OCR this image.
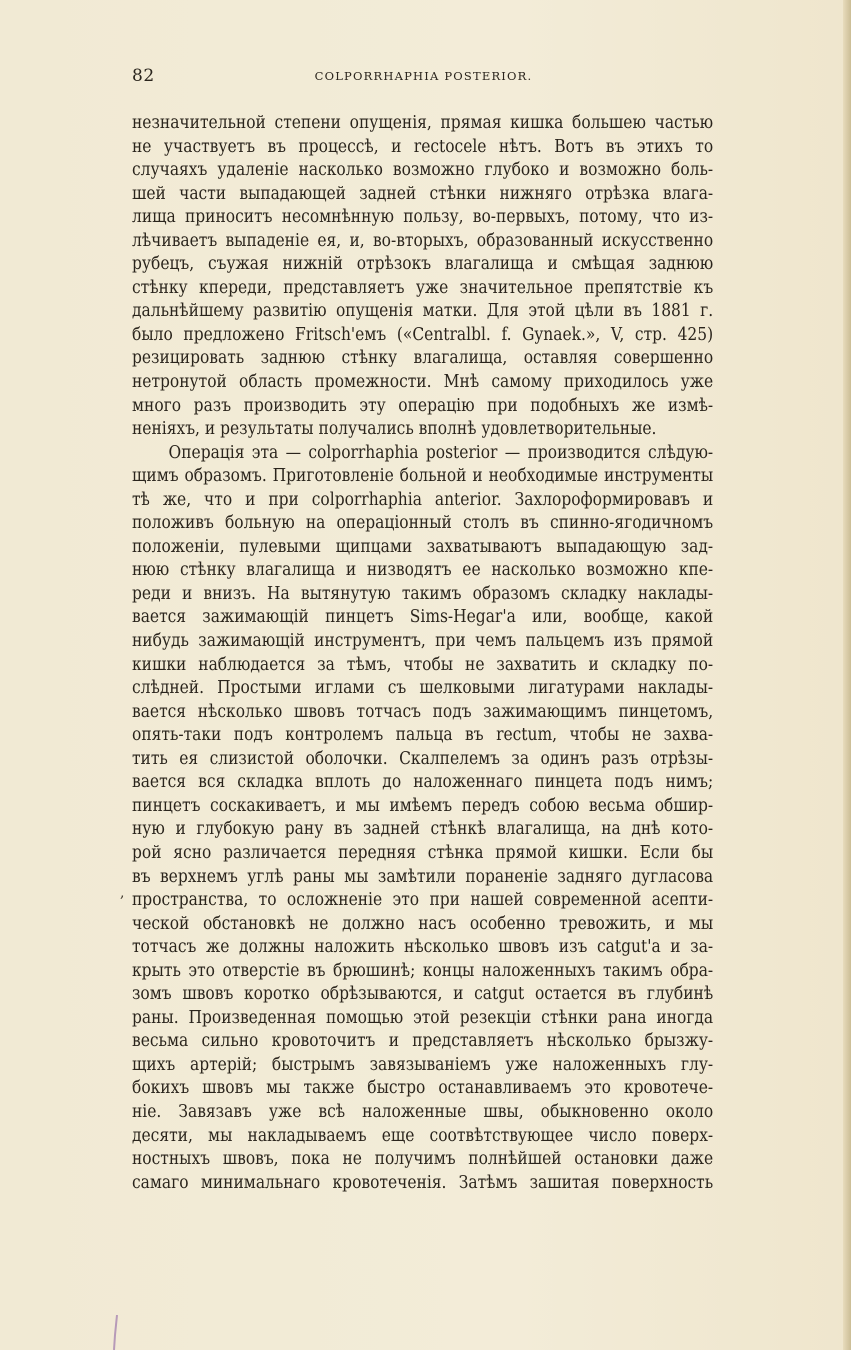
82	COLPORRHAPHIA POSTERIOR.
незначительной степени опущенія, прямая кишка большею частью
не участвуетъ въ процессѣ, и rectocele нѣтъ. Вотъ въ этихъ то
случаяхъ удаленіе насколько возможно глубоко и возможно боль-
шей части выпадающей задней стѣнки нижняго отрѣзка влага-
лища приноситъ несомнѣнную пользу, во-первыхъ, потому, что из-
лѣчиваетъ выпаденіе ея, и, во-вторыхъ, образованный искусственно
рубецъ, съужая нижній отрѣзокъ влагалища и смѣщая заднюю
стѣнку кпереди, представляетъ уже значительное препятствіе къ
дальнѣйшему развитію опущенія матки. Для этой цѣли въ 1881 г.
было предложено Fritsch'емъ («Centralbl. f. Gynaek.», V, стр. 425)
резицировать заднюю стѣнку влагалища, оставляя совершенно
нетронутой область промежности. Мнѣ самому приходилось уже
много разъ производить эту операцію при подобныхъ же измѣ-
неніяхъ, и результаты получались вполнѣ удовлетворительные.
Операція эта — colporrhaphia posterior — производится слѣдую-
щимъ образомъ. Приготовленіе больной и необходимые инструменты
тѣ же, что и при colporrhaphia anterior. Захлороформировавъ и
положивъ больную на операціонный столъ въ спинно-ягодичномъ
положеніи, пулевыми щипцами захватываютъ выпадающую зад-
нюю стѣнку влагалища и низводятъ ее насколько возможно кпе-
реди и внизъ. На вытянутую такимъ образомъ складку наклады-
вается зажимающій пинцетъ Sims-Hegar'а или, вообще, какой
нибудь зажимающій инструментъ, при чемъ пальцемъ изъ прямой
кишки наблюдается за тѣмъ, чтобы не захватить и складку по-
слѣдней. Простыми иглами съ шелковыми лигатурами наклады-
вается нѣсколько швовъ тотчасъ подъ зажимающимъ пинцетомъ,
опять-таки подъ контролемъ пальца въ rectum, чтобы не захва-
тить ея слизистой оболочки. Скалпелемъ за одинъ разъ отрѣзы-
вается вся складка вплоть до наложеннаго пинцета подъ нимъ;
пинцетъ соскакиваетъ, и мы имѣемъ передъ собою весьма обшир-
ную и глубокую рану въ задней стѣнкѣ влагалища, на днѣ кото-
рой ясно различается передняя стѣнка прямой кишки. Если бы
въ верхнемъ углѣ раны мы замѣтили пораненіе задняго дугласова
пространства, то осложненіе это при нашей современной асепти-
ческой обстановкѣ не должно насъ особенно тревожить, и мы
тотчасъ же должны наложить нѣсколько швовъ изъ catgut'а и за-
крыть это отверстіе въ брюшинѣ; концы наложенныхъ такимъ обра-
зомъ швовъ коротко обрѣзываются, и catgut остается въ глубинѣ
раны. Произведенная помощью этой резекціи стѣнки рана иногда
весьма сильно кровоточитъ и представляетъ нѣсколько брызжу-
щихъ артерій; быстрымъ завязываніемъ уже наложенныхъ глу-
бокихъ швовъ мы также быстро останавливаемъ это кровотече-
ніе. Завязавъ уже всѣ наложенные швы, обыкновенно около
десяти, мы накладываемъ еще соотвѣтствующее число поверх-
ностныхъ швовъ, пока не получимъ полнѣйшей остановки даже
самаго минимальнаго кровотеченія. Затѣмъ зашитая поверхность
,
